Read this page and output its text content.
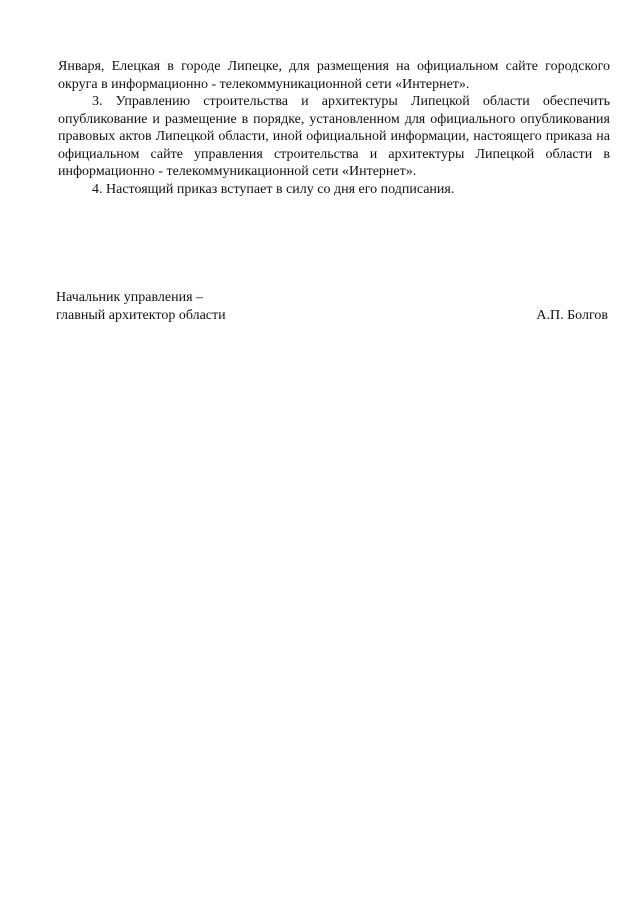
Января, Елецкая в городе Липецке, для размещения на официальном сайте городского округа в информационно - телекоммуникационной сети «Интернет».

3. Управлению строительства и архитектуры Липецкой области обеспечить опубликование и размещение в порядке, установленном для официального опубликования правовых актов Липецкой области, иной официальной информации, настоящего приказа на официальном сайте управления строительства и архитектуры Липецкой области в информационно - телекоммуникационной сети «Интернет».

4. Настоящий приказ вступает в силу со дня его подписания.

Начальник управления –
главный архитектор области	А.П. Болгов
